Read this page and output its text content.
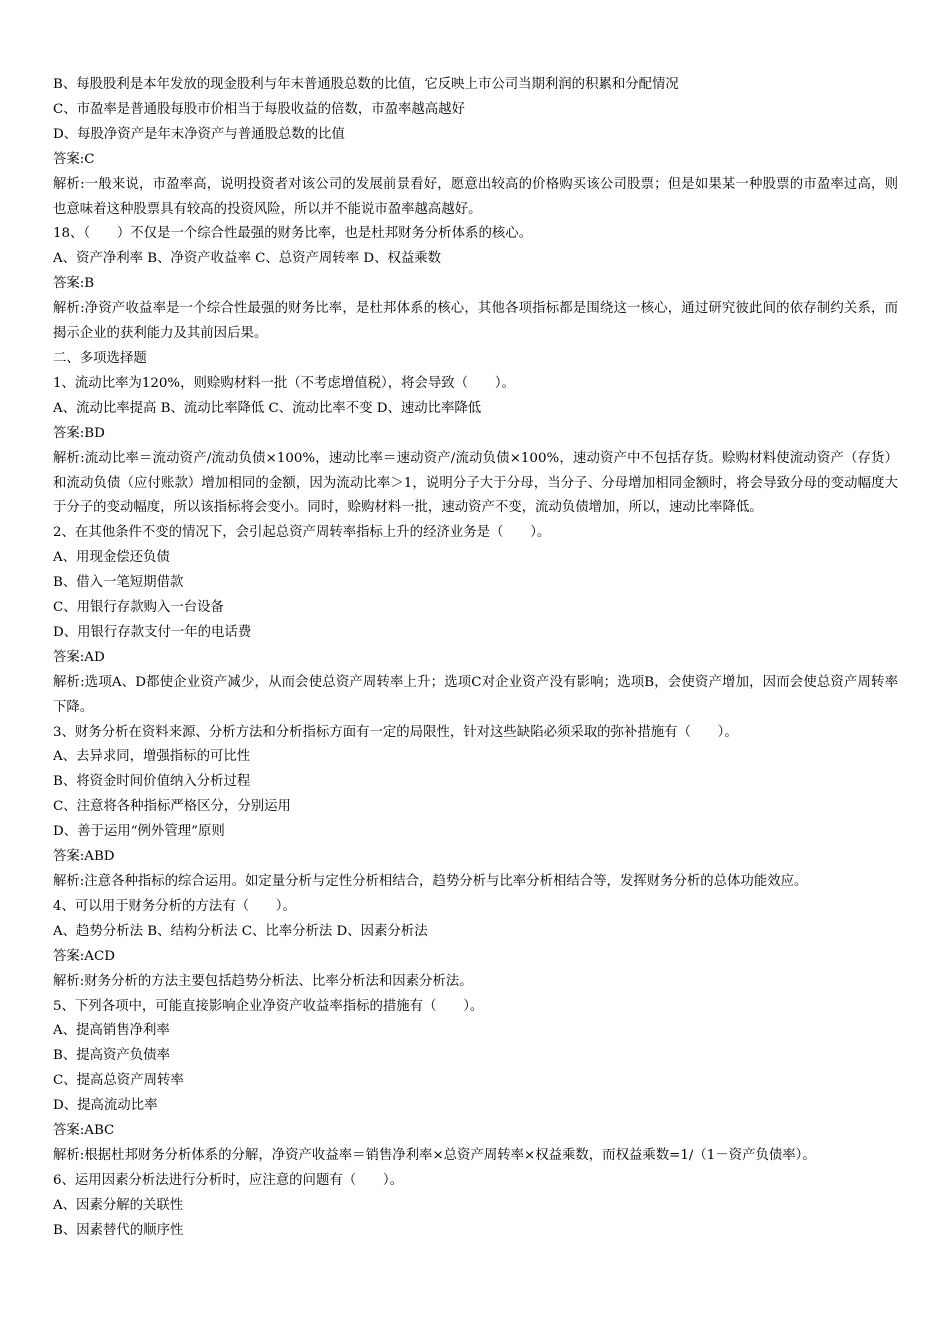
B、每股股利是本年发放的现金股利与年末普通股总数的比值，它反映上市公司当期利润的积累和分配情况
C、市盈率是普通股每股市价相当于每股收益的倍数，市盈率越高越好
D、每股净资产是年末净资产与普通股总数的比值
答案:C
解析:一般来说，市盈率高，说明投资者对该公司的发展前景看好，愿意出较高的价格购买该公司股票；但是如果某一种股票的市盈率过高，则也意味着这种股票具有较高的投资风险，所以并不能说市盈率越高越好。
18、（　　）不仅是一个综合性最强的财务比率，也是杜邦财务分析体系的核心。
A、资产净利率 B、净资产收益率 C、总资产周转率 D、权益乘数
答案:B
解析:净资产收益率是一个综合性最强的财务比率，是杜邦体系的核心，其他各项指标都是围绕这一核心，通过研究彼此间的依存制约关系，而揭示企业的获利能力及其前因后果。
二、多项选择题
1、流动比率为120%，则赊购材料一批（不考虑增值税），将会导致（　　）。
A、流动比率提高 B、流动比率降低 C、流动比率不变 D、速动比率降低
答案:BD
解析:流动比率＝流动资产/流动负债×100%，速动比率＝速动资产/流动负债×100%，速动资产中不包括存货。赊购材料使流动资产（存货）和流动负债（应付账款）增加相同的金额，因为流动比率＞1，说明分子大于分母，当分子、分母增加相同金额时，将会导致分母的变动幅度大于分子的变动幅度，所以该指标将会变小。同时，赊购材料一批，速动资产不变，流动负债增加，所以，速动比率降低。
2、在其他条件不变的情况下，会引起总资产周转率指标上升的经济业务是（　　）。
A、用现金偿还负债
B、借入一笔短期借款
C、用银行存款购入一台设备
D、用银行存款支付一年的电话费
答案:AD
解析:选项A、D都使企业资产减少，从而会使总资产周转率上升；选项C对企业资产没有影响；选项B，会使资产增加，因而会使总资产周转率下降。
3、财务分析在资料来源、分析方法和分析指标方面有一定的局限性，针对这些缺陷必须采取的弥补措施有（　　）。
A、去异求同，增强指标的可比性
B、将资金时间价值纳入分析过程
C、注意将各种指标严格区分，分别运用
D、善于运用“例外管理”原则
答案:ABD
解析:注意各种指标的综合运用。如定量分析与定性分析相结合，趋势分析与比率分析相结合等，发挥财务分析的总体功能效应。
4、可以用于财务分析的方法有（　　）。
A、趋势分析法 B、结构分析法 C、比率分析法 D、因素分析法
答案:ACD
解析:财务分析的方法主要包括趋势分析法、比率分析法和因素分析法。
5、下列各项中，可能直接影响企业净资产收益率指标的措施有（　　）。
A、提高销售净利率
B、提高资产负债率
C、提高总资产周转率
D、提高流动比率
答案:ABC
解析:根据杜邦财务分析体系的分解，净资产收益率＝销售净利率×总资产周转率×权益乘数，而权益乘数=1/（1－资产负债率）。
6、运用因素分析法进行分析时，应注意的问题有（　　）。
A、因素分解的关联性
B、因素替代的顺序性
